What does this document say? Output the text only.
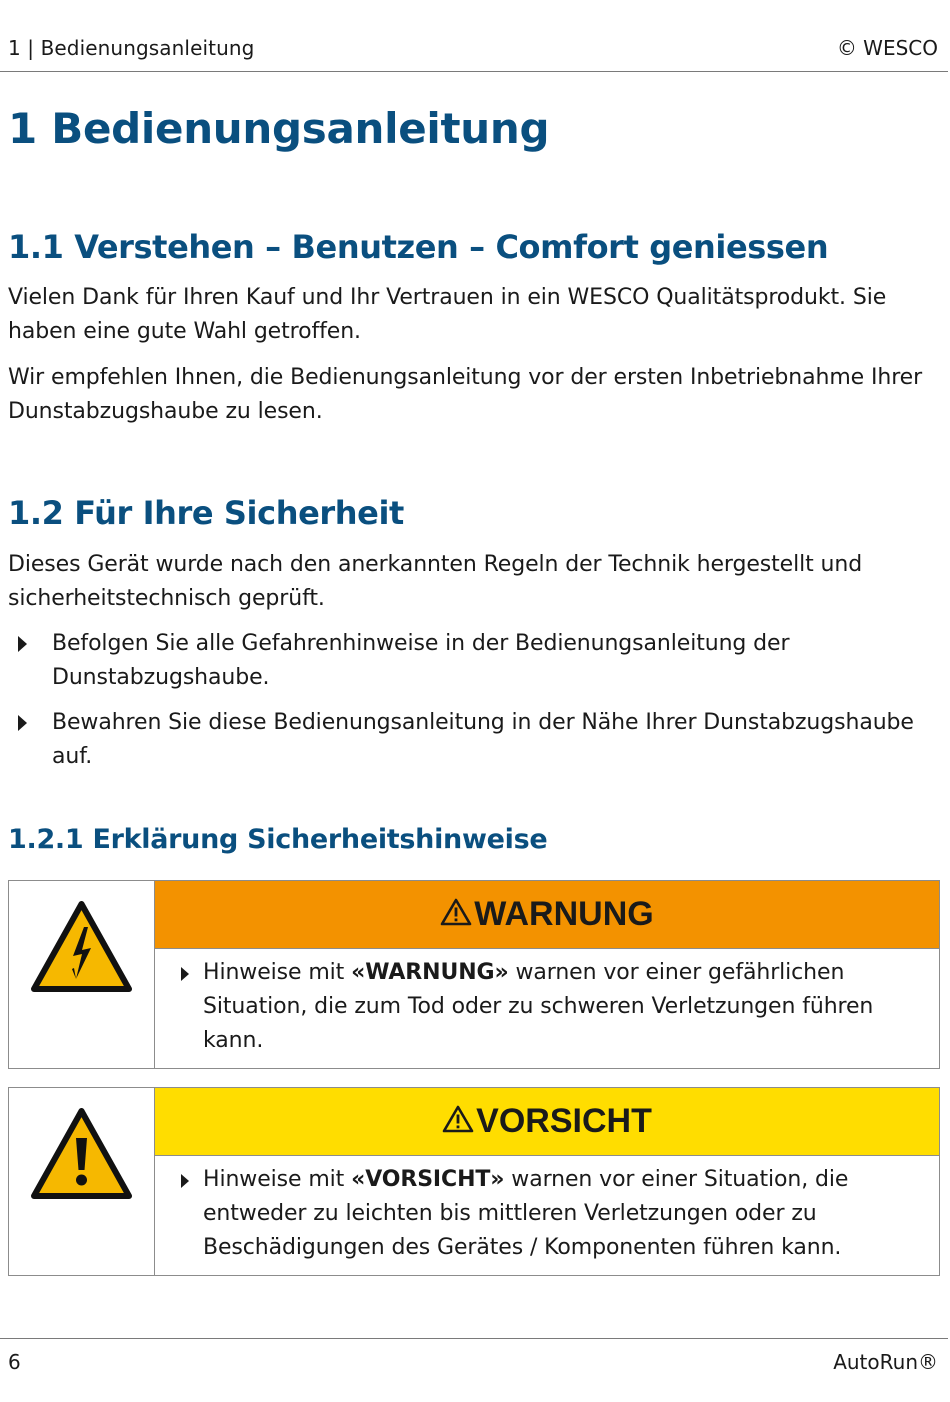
1 | Bedienungsanleitung	© WESCO
1 Bedienungsanleitung
1.1 Verstehen – Benutzen – Comfort geniessen

Vielen Dank für Ihren Kauf und Ihr Vertrauen in ein WESCO Qualitätsprodukt. Sie haben eine gute Wahl getroffen.

Wir empfehlen Ihnen, die Bedienungsanleitung vor der ersten Inbetriebnahme Ihrer Dunstabzugshaube zu lesen.

1.2 Für Ihre Sicherheit

Dieses Gerät wurde nach den anerkannten Regeln der Technik hergestellt und sicherheitstechnisch geprüft.

Befolgen Sie alle Gefahrenhinweise in der Bedienungsanleitung der Dunstabzugshaube.
Bewahren Sie diese Bedienungsanleitung in der Nähe Ihrer Dunstabzugshaube auf.
1.2.1 Erklärung Sicherheitshinweise
WARNUNG
Hinweise mit «WARNUNG» warnen vor einer gefährlichen Situation, die zum Tod oder zu schweren Verletzungen führen kann.
VORSICHT
Hinweise mit «VORSICHT» warnen vor einer Situation, die entweder zu leichten bis mittleren Verletzungen oder zu Beschädigungen des Gerätes / Komponenten führen kann.
6	AutoRun®
